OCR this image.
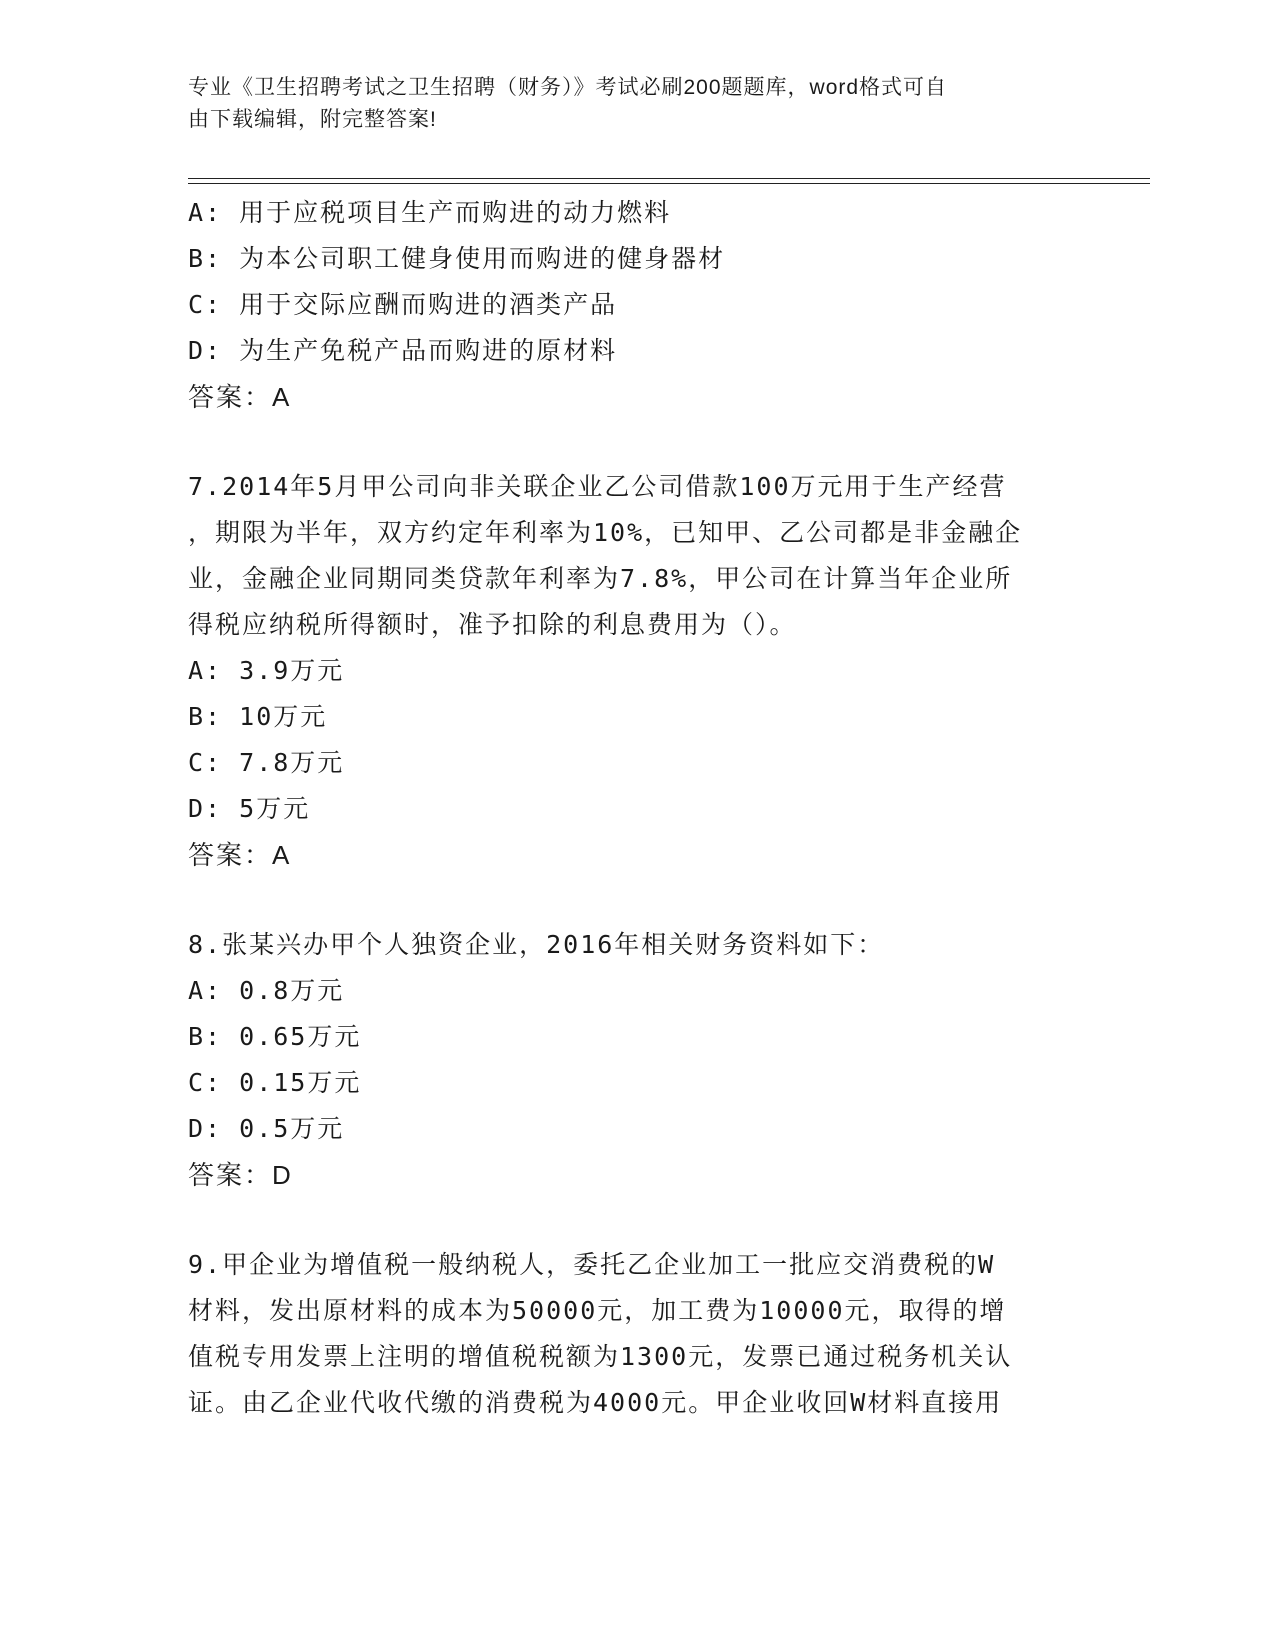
专业《卫生招聘考试之卫生招聘（财务）》考试必刷200题题库，word格式可自
由下载编辑，附完整答案!
A: 用于应税项目生产而购进的动力燃料
B: 为本公司职工健身使用而购进的健身器材
C: 用于交际应酬而购进的酒类产品
D: 为生产免税产品而购进的原材料
答案：A
7.2014年5月甲公司向非关联企业乙公司借款100万元用于生产经营
，期限为半年，双方约定年利率为10%，已知甲、乙公司都是非金融企
业，金融企业同期同类贷款年利率为7.8%，甲公司在计算当年企业所
得税应纳税所得额时，准予扣除的利息费用为（）。
A: 3.9万元
B: 10万元
C: 7.8万元
D: 5万元
答案：A
8.张某兴办甲个人独资企业，2016年相关财务资料如下：
A: 0.8万元
B: 0.65万元
C: 0.15万元
D: 0.5万元
答案：D
9.甲企业为增值税一般纳税人，委托乙企业加工一批应交消费税的W
材料，发出原材料的成本为50000元，加工费为10000元，取得的增
值税专用发票上注明的增值税税额为1300元，发票已通过税务机关认
证。由乙企业代收代缴的消费税为4000元。甲企业收回W材料直接用
